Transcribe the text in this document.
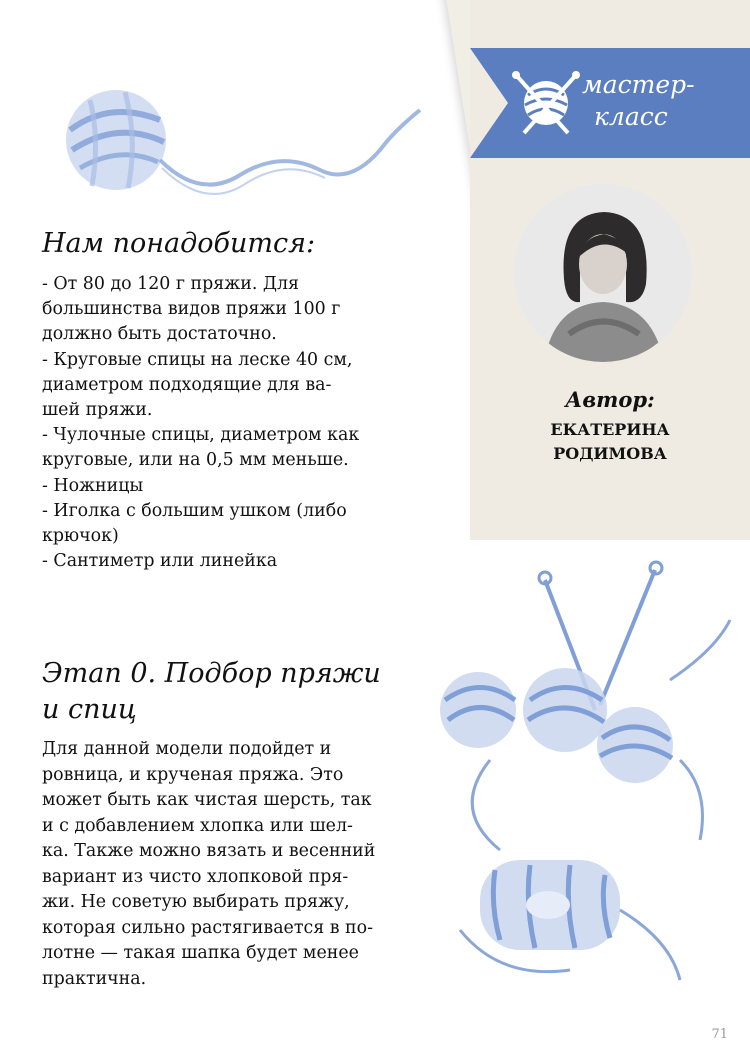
мастер-
класс
Автор:
ЕКАТЕРИНА
РОДИМОВА
Нам понадобится:
- От 80 до 120 г пряжи. Для
большинства видов пряжи 100 г
должно быть достаточно.
- Круговые спицы на леске 40 см,
диаметром подходящие для ва-
шей пряжи.
- Чулочные спицы, диаметром как
круговые, или на 0,5 мм меньше.
- Ножницы
- Иголка с большим ушком (либо
крючок)
- Сантиметр или линейка
Этап 0. Подбор пряжи
и спиц
Для данной модели подойдет и
ровница, и крученая пряжа. Это
может быть как чистая шерсть, так
и с добавлением хлопка или шел-
ка. Также можно вязать и весенний
вариант из чисто хлопковой пря-
жи. Не советую выбирать пряжу,
которая сильно растягивается в по-
лотне — такая шапка будет менее
практична.
71
